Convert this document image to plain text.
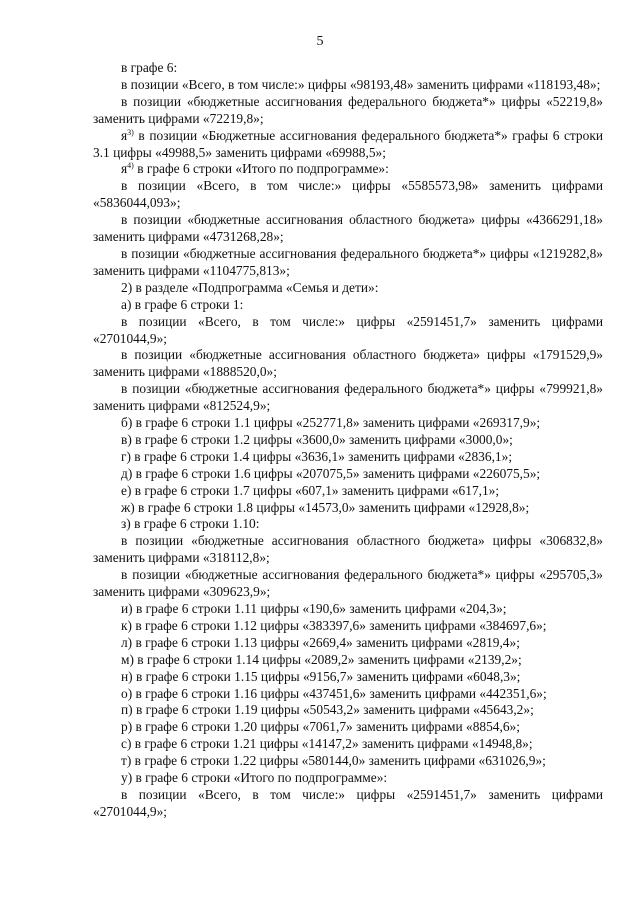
5

в графе 6:

в позиции «Всего, в том числе:» цифры «98193,48» заменить цифрами «118193,48»;

в позиции «бюджетные ассигнования федерального бюджета*» цифры «52219,8» заменить цифрами «72219,8»;

$я^{3)}$ в позиции «Бюджетные ассигнования федерального бюджета*» графы 6 строки 3.1 цифры «49988,5» заменить цифрами «69988,5»;

$я^{4)}$ в графе 6 строки «Итого по подпрограмме»:

в позиции «Всего, в том числе:» цифры «5585573,98» заменить цифрами «5836044,093»;

в позиции «бюджетные ассигнования областного бюджета» цифры «4366291,18» заменить цифрами «4731268,28»;

в позиции «бюджетные ассигнования федерального бюджета*» цифры «1219282,8» заменить цифрами «1104775,813»;

2) в разделе «Подпрограмма «Семья и дети»:

а) в графе 6 строки 1:

в позиции «Всего, в том числе:» цифры «2591451,7» заменить цифрами «2701044,9»;

в позиции «бюджетные ассигнования областного бюджета» цифры «1791529,9» заменить цифрами «1888520,0»;

в позиции «бюджетные ассигнования федерального бюджета*» цифры «799921,8» заменить цифрами «812524,9»;

б) в графе 6 строки 1.1 цифры «252771,8» заменить цифрами «269317,9»;

в) в графе 6 строки 1.2 цифры «3600,0» заменить цифрами «3000,0»;

г) в графе 6 строки 1.4 цифры «3636,1» заменить цифрами «2836,1»;

д) в графе 6 строки 1.6 цифры «207075,5» заменить цифрами «226075,5»;

е) в графе 6 строки 1.7 цифры «607,1» заменить цифрами «617,1»;

ж) в графе 6 строки 1.8 цифры «14573,0» заменить цифрами «12928,8»;

з) в графе 6 строки 1.10:

в позиции «бюджетные ассигнования областного бюджета» цифры «306832,8» заменить цифрами «318112,8»;

в позиции «бюджетные ассигнования федерального бюджета*» цифры «295705,3» заменить цифрами «309623,9»;

и) в графе 6 строки 1.11 цифры «190,6» заменить цифрами «204,3»;

к) в графе 6 строки 1.12 цифры «383397,6» заменить цифрами «384697,6»;

л) в графе 6 строки 1.13 цифры «2669,4» заменить цифрами «2819,4»;

м) в графе 6 строки 1.14 цифры «2089,2» заменить цифрами «2139,2»;

н) в графе 6 строки 1.15 цифры «9156,7» заменить цифрами «6048,3»;

о) в графе 6 строки 1.16 цифры «437451,6» заменить цифрами «442351,6»;

п) в графе 6 строки 1.19 цифры «50543,2» заменить цифрами «45643,2»;

р) в графе 6 строки 1.20 цифры «7061,7» заменить цифрами «8854,6»;

с) в графе 6 строки 1.21 цифры «14147,2» заменить цифрами «14948,8»;

т) в графе 6 строки 1.22 цифры «580144,0» заменить цифрами «631026,9»;

у) в графе 6 строки «Итого по подпрограмме»:

в позиции «Всего, в том числе:» цифры «2591451,7» заменить цифрами «2701044,9»;
